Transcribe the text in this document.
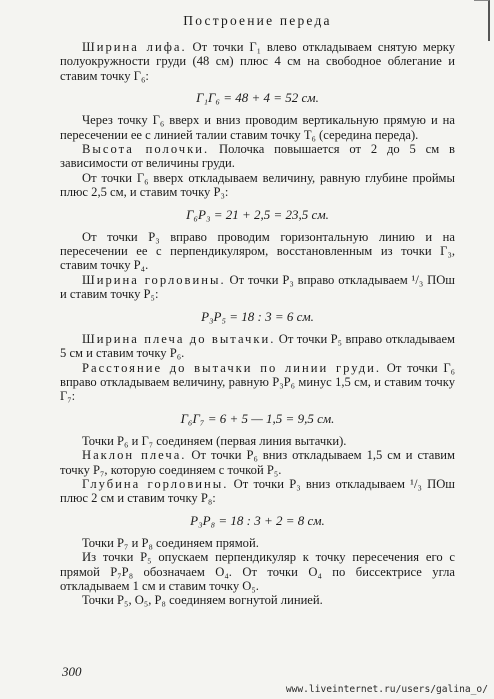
Построение переда

Ширина лифа. От точки Г₁ влево откладываем снятую мерку полуокружности груди (48 см) плюс 4 см на свободное облегание и ставим точку Г₆:

Г₁Г₆ = 48 + 4 = 52 см.

Через точку Г₆ вверх и вниз проводим вертикальную прямую и на пересечении ее с линией талии ставим точку Т₆ (середина переда).

Высота полочки. Полочка повышается от 2 до 5 см в зависимости от величины груди.

От точки Г₆ вверх откладываем величину, равную глубине проймы плюс 2,5 см, и ставим точку Р₃:

Г₆Р₃ = 21 + 2,5 = 23,5 см.

От точки Р₃ вправо проводим горизонтальную линию и на пересечении ее с перпендикуляром, восстановленным из точки Г₃, ставим точку Р₄.

Ширина горловины. От точки Р₃ вправо откладываем ¹/₃ ПОш и ставим точку Р₅:

Р₃Р₅ = 18 : 3 = 6 см.

Ширина плеча до вытачки. От точки Р₅ вправо откладываем 5 см и ставим точку Р₆.

Расстояние до вытачки по линии груди. От точки Г₆ вправо откладываем величину, равную Р₃Р₆ минус 1,5 см, и ставим точку Г₇:

Г₆Г₇ = 6 + 5 — 1,5 = 9,5 см.

Точки Р₆ и Г₇ соединяем (первая линия вытачки).

Наклон плеча. От точки Р₆ вниз откладываем 1,5 см и ставим точку Р₇, которую соединяем с точкой Р₅.

Глубина горловины. От точки Р₃ вниз откладываем ¹/₃ ПОш плюс 2 см и ставим точку Р₈:

Р₃Р₈ = 18 : 3 + 2 = 8 см.

Точки Р₇ и Р₈ соединяем прямой.

Из точки Р₅ опускаем перпендикуляр к точку пересечения его с прямой Р₇Р₈ обозначаем О₄. От точки О₄ по биссектрисе угла откладываем 1 см и ставим точку О₅.

Точки Р₅, О₅, Р₈ соединяем вогнутой линией.

300
www.liveinternet.ru/users/galina_o/
